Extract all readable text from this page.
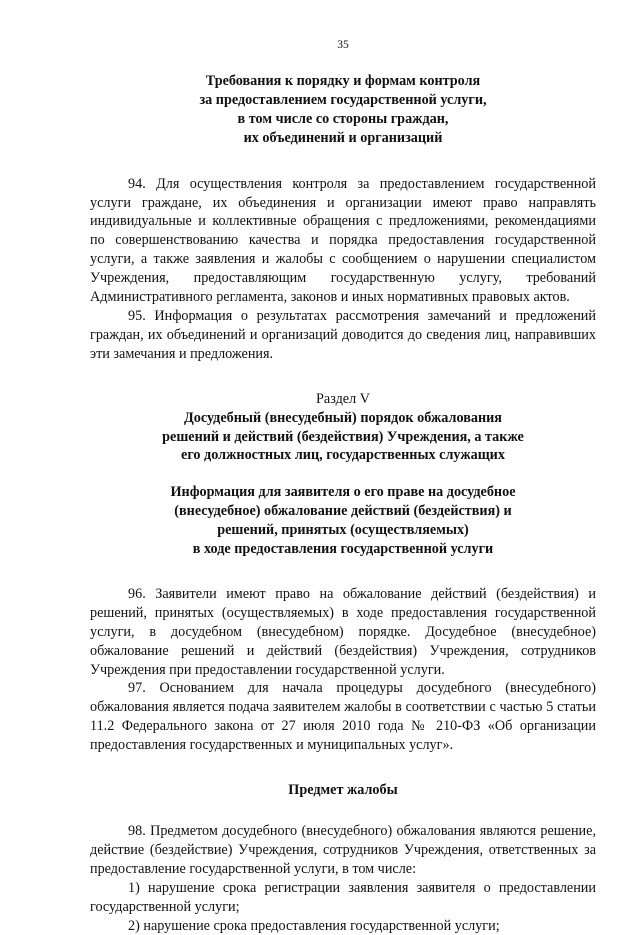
35
Требования к порядку и формам контроля
за предоставлением государственной услуги,
в том числе со стороны граждан,
их объединений и организаций

94. Для осуществления контроля за предоставлением государственной услуги гражданe, их объединения и организации имеют право направлять индивидуальные и коллективные обращения с предложениями, рекомендациями по совершенствованию качества и порядка предоставления государственной услуги, а также заявления и жалобы с сообщением о нарушении специалистом Учреждения, предоставляющим государственную услугу, требований Административного регламента, законов и иных нормативных правовых актов.

95. Информация о результатах рассмотрения замечаний и предложений граждан, их объединений и организаций доводится до сведения лиц, направивших эти замечания и предложения.

Раздел V

Досудебный (внесудебный) порядок обжалования
решений и действий (бездействия) Учреждения, а также
его должностных лиц, государственных служащих
Информация для заявителя о его праве на досудебное
(внесудебное) обжалование действий (бездействия) и
решений, принятых (осуществляемых)
в ходе предоставления государственной услуги

96. Заявители имеют право на обжалование действий (бездействия) и решений, принятых (осуществляемых) в ходе предоставления государственной услуги, в досудебном (внесудебном) порядке. Досудебное (внесудебное) обжалование решений и действий (бездействия) Учреждения, сотрудников Учреждения при предоставлении государственной услуги.

97. Основанием для начала процедуры досудебного (внесудебного) обжалования является подача заявителем жалобы в соответствии с частью 5 статьи 11.2 Федерального закона от 27 июля 2010 года № 210-ФЗ «Об организации предоставления государственных и муниципальных услуг».

Предмет жалобы

98. Предметом досудебного (внесудебного) обжалования являются решение, действие (бездействие) Учреждения, сотрудников Учреждения, ответственных за предоставление государственной услуги, в том числе:

1) нарушение срока регистрации заявления заявителя о предоставлении государственной услуги;

2) нарушение срока предоставления государственной услуги;
